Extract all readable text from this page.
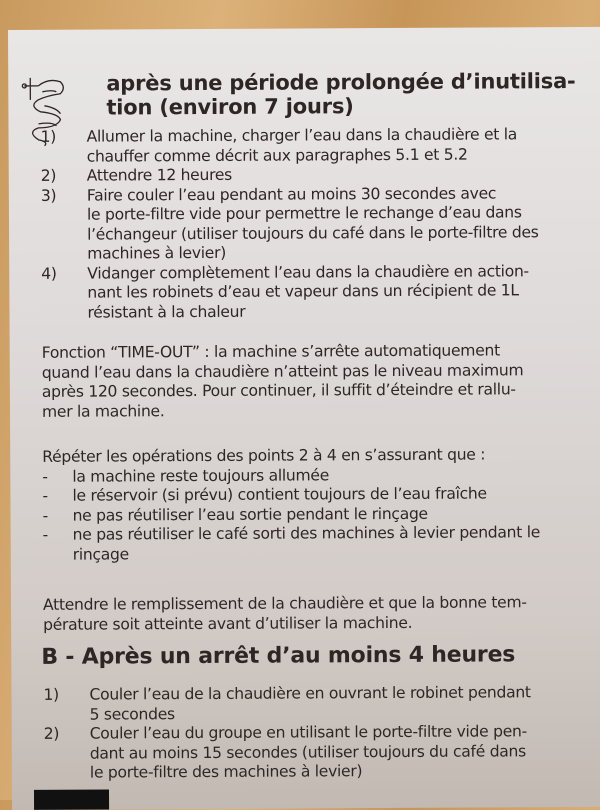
après une période prolongée d’inutilisa-
tion (environ 7 jours)
1)	Allumer la machine, charger l’eau dans la chaudière et la
chauffer comme décrit aux paragraphes 5.1 et 5.2
2)	Attendre 12 heures
3)	Faire couler l’eau pendant au moins 30 secondes avec
le porte-filtre vide pour permettre le rechange d’eau dans
l’échangeur (utiliser toujours du café dans le porte-filtre des
machines à levier)
4)	Vidanger complètement l’eau dans la chaudière en action-
nant les robinets d’eau et vapeur dans un récipient de 1L
résistant à la chaleur
Fonction “TIME-OUT” : la machine s’arrête automatiquement
quand l’eau dans la chaudière n’atteint pas le niveau maximum
après 120 secondes. Pour continuer, il suffit d’éteindre et rallu-
mer la machine.
Répéter les opérations des points 2 à 4 en s’assurant que :
-	la machine reste toujours allumée
-	le réservoir (si prévu) contient toujours de l’eau fraîche
-	ne pas réutiliser l’eau sortie pendant le rinçage
-	ne pas réutiliser le café sorti des machines à levier pendant le
rinçage
Attendre le remplissement de la chaudière et que la bonne tem-
pérature soit atteinte avant d’utiliser la machine.
B - Après un arrêt d’au moins 4 heures
1)	Couler l’eau de la chaudière en ouvrant le robinet pendant
5 secondes
2)	Couler l’eau du groupe en utilisant le porte-filtre vide pen-
dant au moins 15 secondes (utiliser toujours du café dans
le porte-filtre des machines à levier)
